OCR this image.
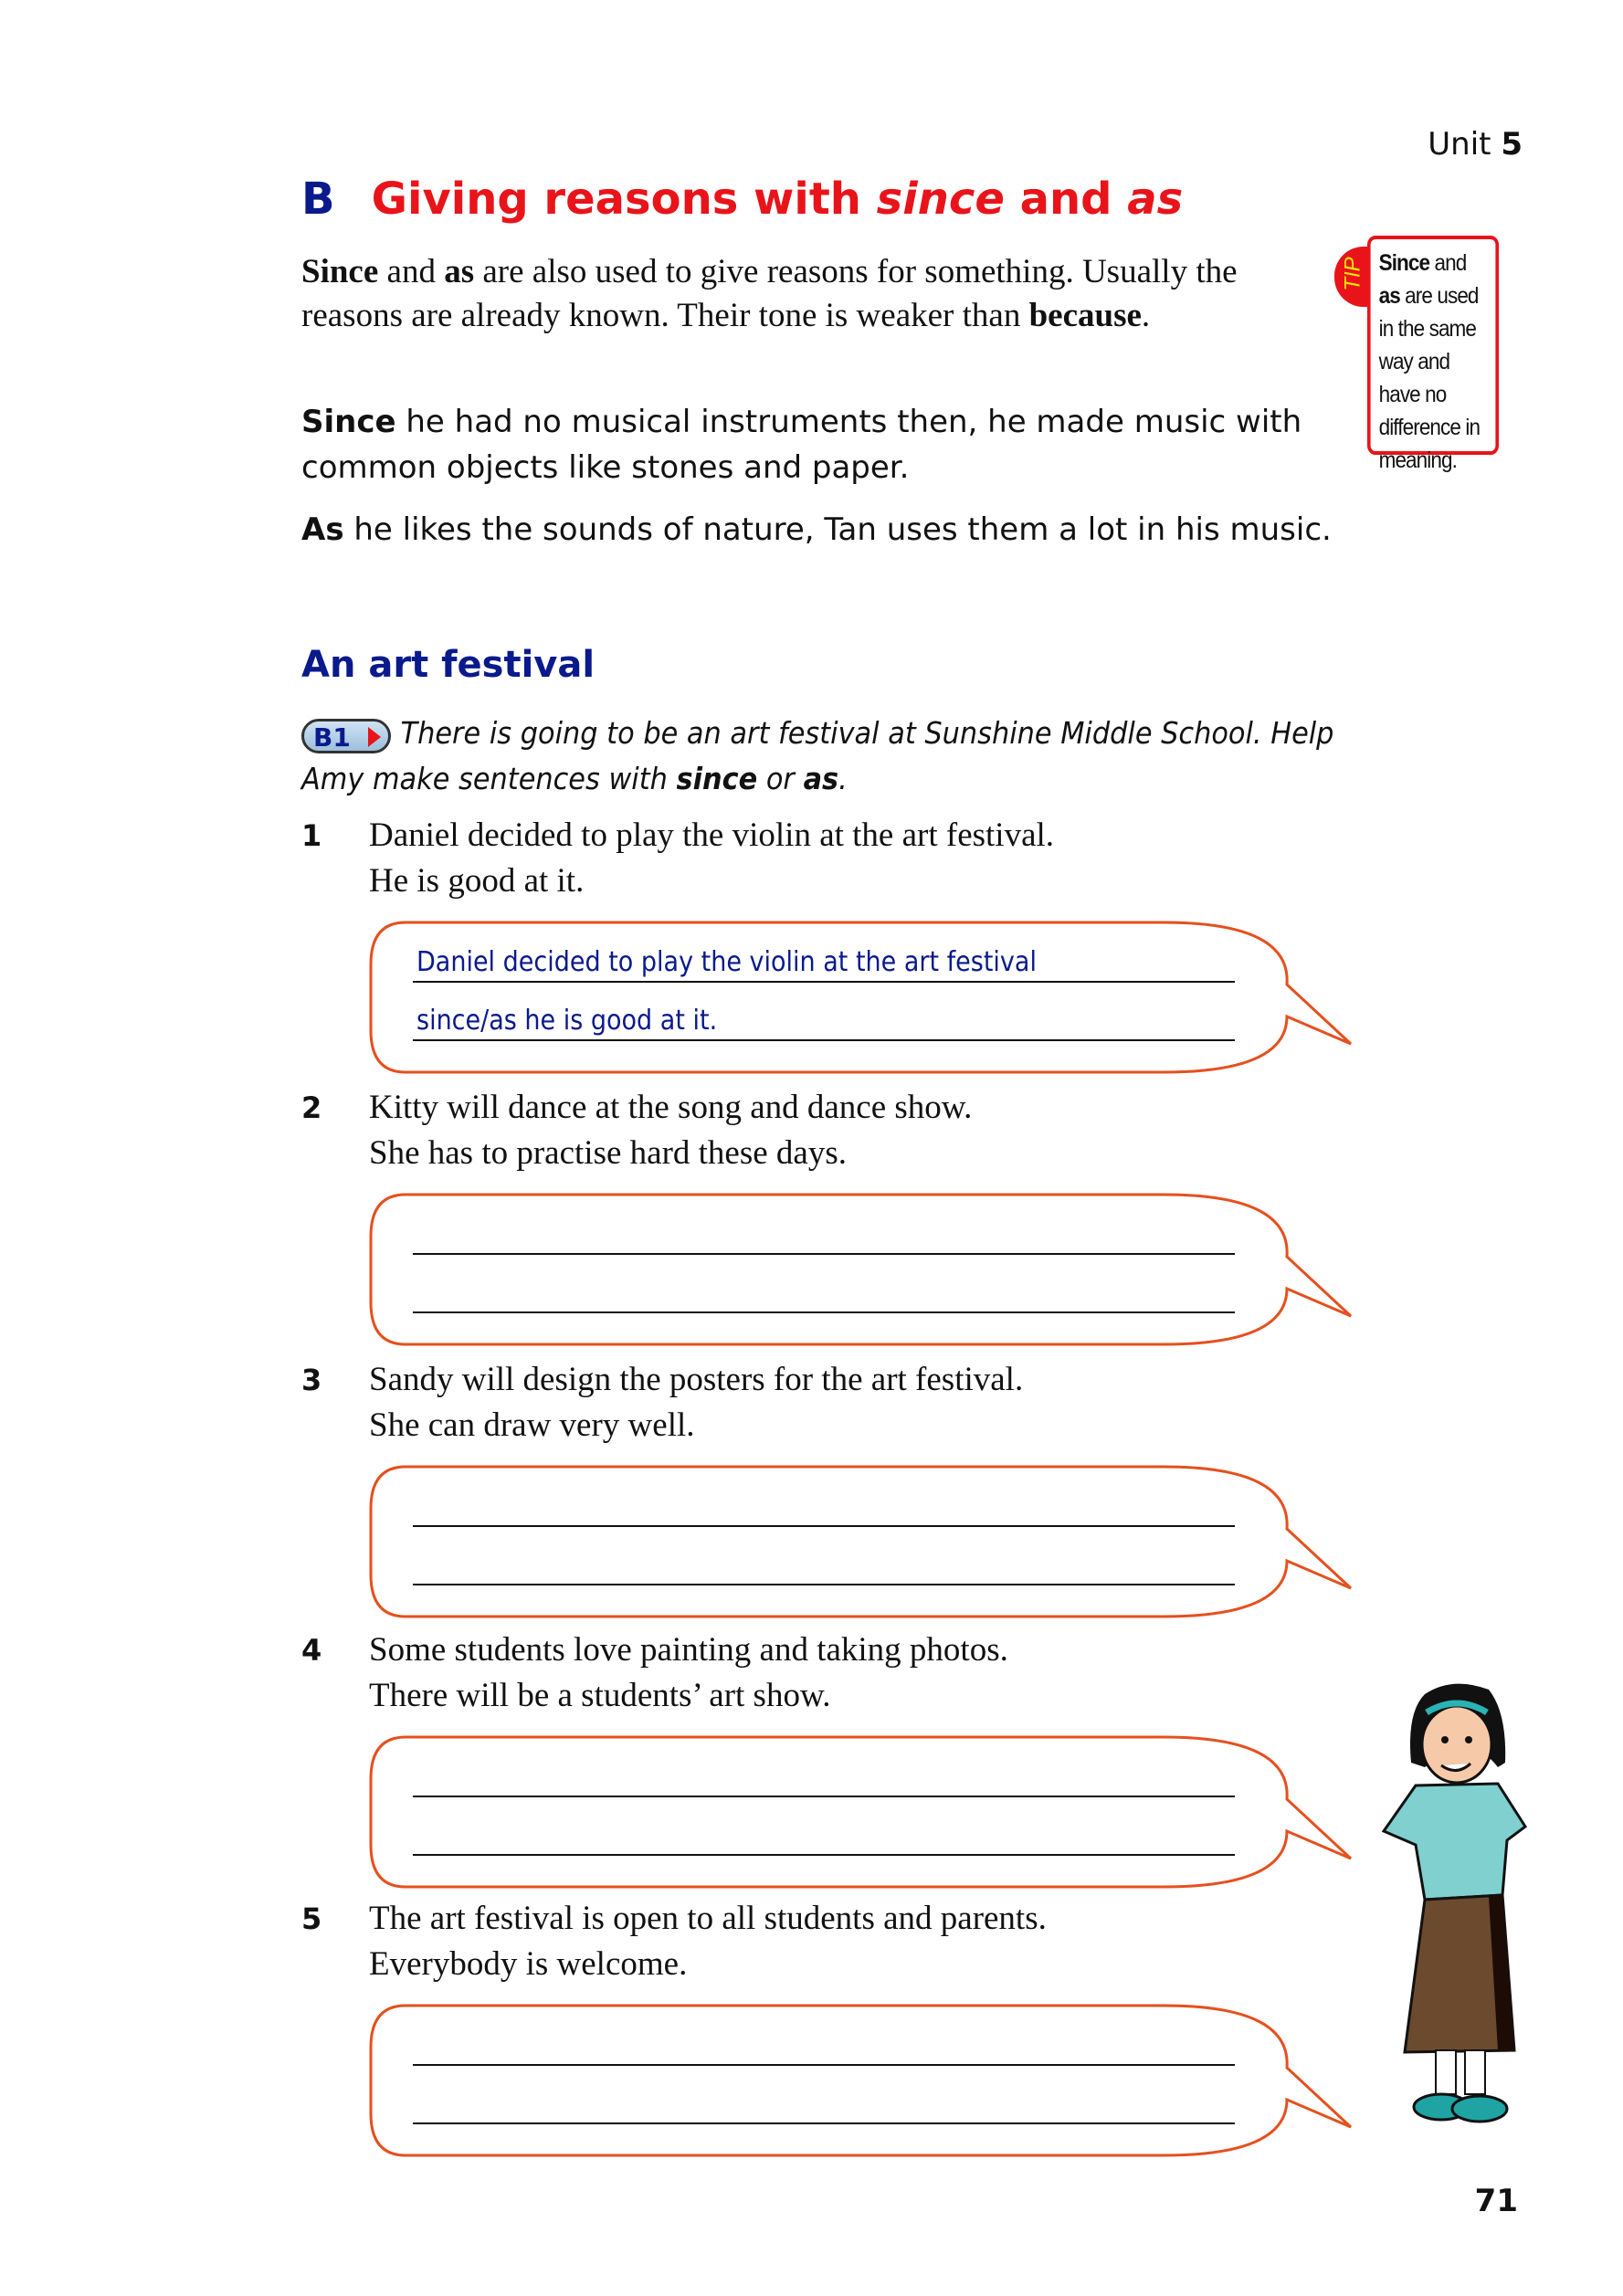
Unit 5
B Giving reasons with since and as
Since and as are also used to give reasons for something. Usually the reasons are already known. Their tone is weaker than because.
Since he had no musical instruments then, he made music with common objects like stones and paper.
As he likes the sounds of nature, Tan uses them a lot in his music.
TIP Since and as are used in the same way and have no difference in meaning.
An art festival
B1	There is going to be an art festival at Sunshine Middle School. Help Amy make sentences with since or as.
1 Daniel decided to play the violin at the art festival.
He is good at it.
Daniel decided to play the violin at the art festival
since/as he is good at it.
2 Kitty will dance at the song and dance show.
She has to practise hard these days.
3 Sandy will design the posters for the art festival.
She can draw very well.
4 Some students love painting and taking photos.
There will be a students’ art show.
5 The art festival is open to all students and parents.
Everybody is welcome.
71
